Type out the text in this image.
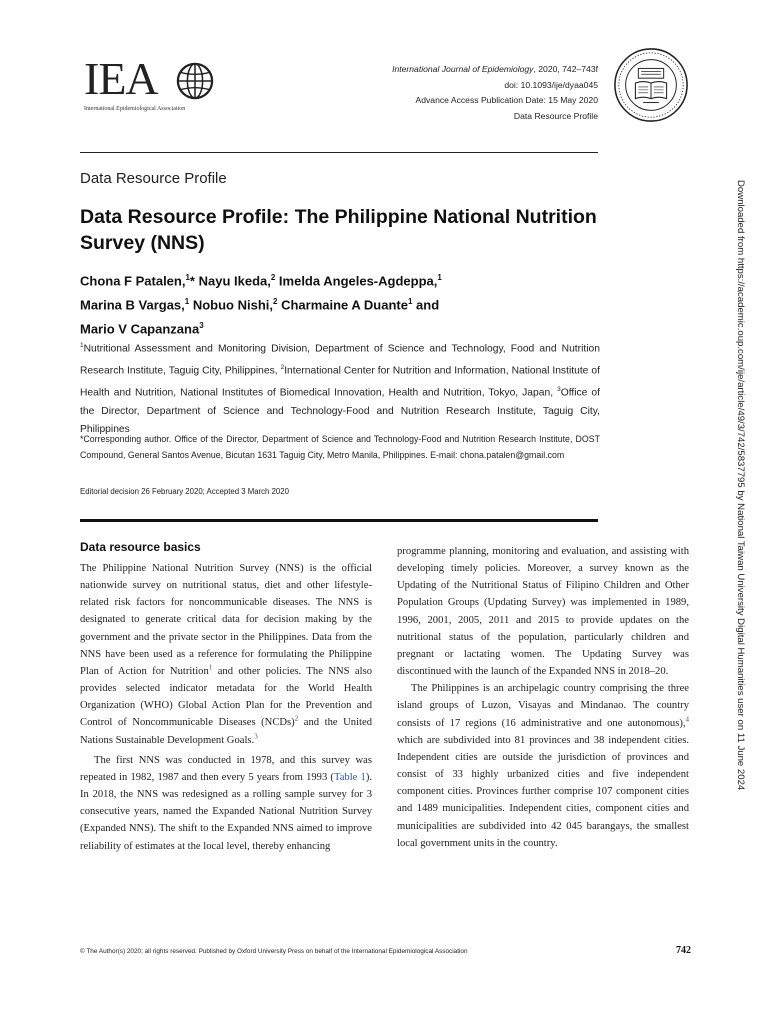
IEA
International Epidemiological Association
International Journal of Epidemiology, 2020, 742–743f
doi: 10.1093/ije/dyaa045
Advance Access Publication Date: 15 May 2020
Data Resource Profile
Data Resource Profile
Data Resource Profile: The Philippine National Nutrition Survey (NNS)
Chona F Patalen,$^1$* Nayu Ikeda,$^2$ Imelda Angeles-Agdeppa,$^1$
Marina B Vargas,$^1$ Nobuo Nishi,$^2$ Charmaine A Duante$^1$ and
Mario V Capanzana$^3$
$^1$Nutritional Assessment and Monitoring Division, Department of Science and Technology, Food and Nutrition Research Institute, Taguig City, Philippines, $^2$International Center for Nutrition and Information, National Institute of Health and Nutrition, National Institutes of Biomedical Innovation, Health and Nutrition, Tokyo, Japan, $^3$Office of the Director, Department of Science and Technology-Food and Nutrition Research Institute, Taguig City, Philippines
*Corresponding author. Office of the Director, Department of Science and Technology-Food and Nutrition Research Institute, DOST Compound, General Santos Avenue, Bicutan 1631 Taguig City, Metro Manila, Philippines. E-mail: chona.patalen@gmail.com
Editorial decision 26 February 2020; Accepted 3 March 2020
Data resource basics

The Philippine National Nutrition Survey (NNS) is the official nationwide survey on nutritional status, diet and other lifestyle-related risk factors for noncommunicable diseases. The NNS is designated to generate critical data for decision making by the government and the private sector in the Philippines. Data from the NNS have been used as a reference for formulating the Philippine Plan of Action for Nutrition$^1$ and other policies. The NNS also provides selected indicator metadata for the World Health Organization (WHO) Global Action Plan for the Prevention and Control of Noncommunicable Diseases (NCDs)$^2$ and the United Nations Sustainable Development Goals.$^3$

The first NNS was conducted in 1978, and this survey was repeated in 1982, 1987 and then every 5 years from 1993 (Table 1). In 2018, the NNS was redesigned as a rolling sample survey for 3 consecutive years, named the Expanded National Nutrition Survey (Expanded NNS). The shift to the Expanded NNS aimed to improve reliability of estimates at the local level, thereby enhancing

programme planning, monitoring and evaluation, and assisting with developing timely policies. Moreover, a survey known as the Updating of the Nutritional Status of Filipino Children and Other Population Groups (Updating Survey) was implemented in 1989, 1996, 2001, 2005, 2011 and 2015 to provide updates on the nutritional status of the population, particularly children and pregnant or lactating women. The Updating Survey was discontinued with the launch of the Expanded NNS in 2018–20.

The Philippines is an archipelagic country comprising the three island groups of Luzon, Visayas and Mindanao. The country consists of 17 regions (16 administrative and one autonomous),$^4$ which are subdivided into 81 provinces and 38 independent cities. Independent cities are outside the jurisdiction of provinces and consist of 33 highly urbanized cities and five independent component cities. Provinces further comprise 107 component cities and 1489 municipalities. Independent cities, component cities and municipalities are subdivided into 42 045 barangays, the smallest local government units in the country.

© The Author(s) 2020; all rights reserved. Published by Oxford University Press on behalf of the International Epidemiological Association	742
Downloaded from https://academic.oup.com/ije/article/49/3/742/5837795 by National Taiwan University Digital Humanities user on 11 June 2024
